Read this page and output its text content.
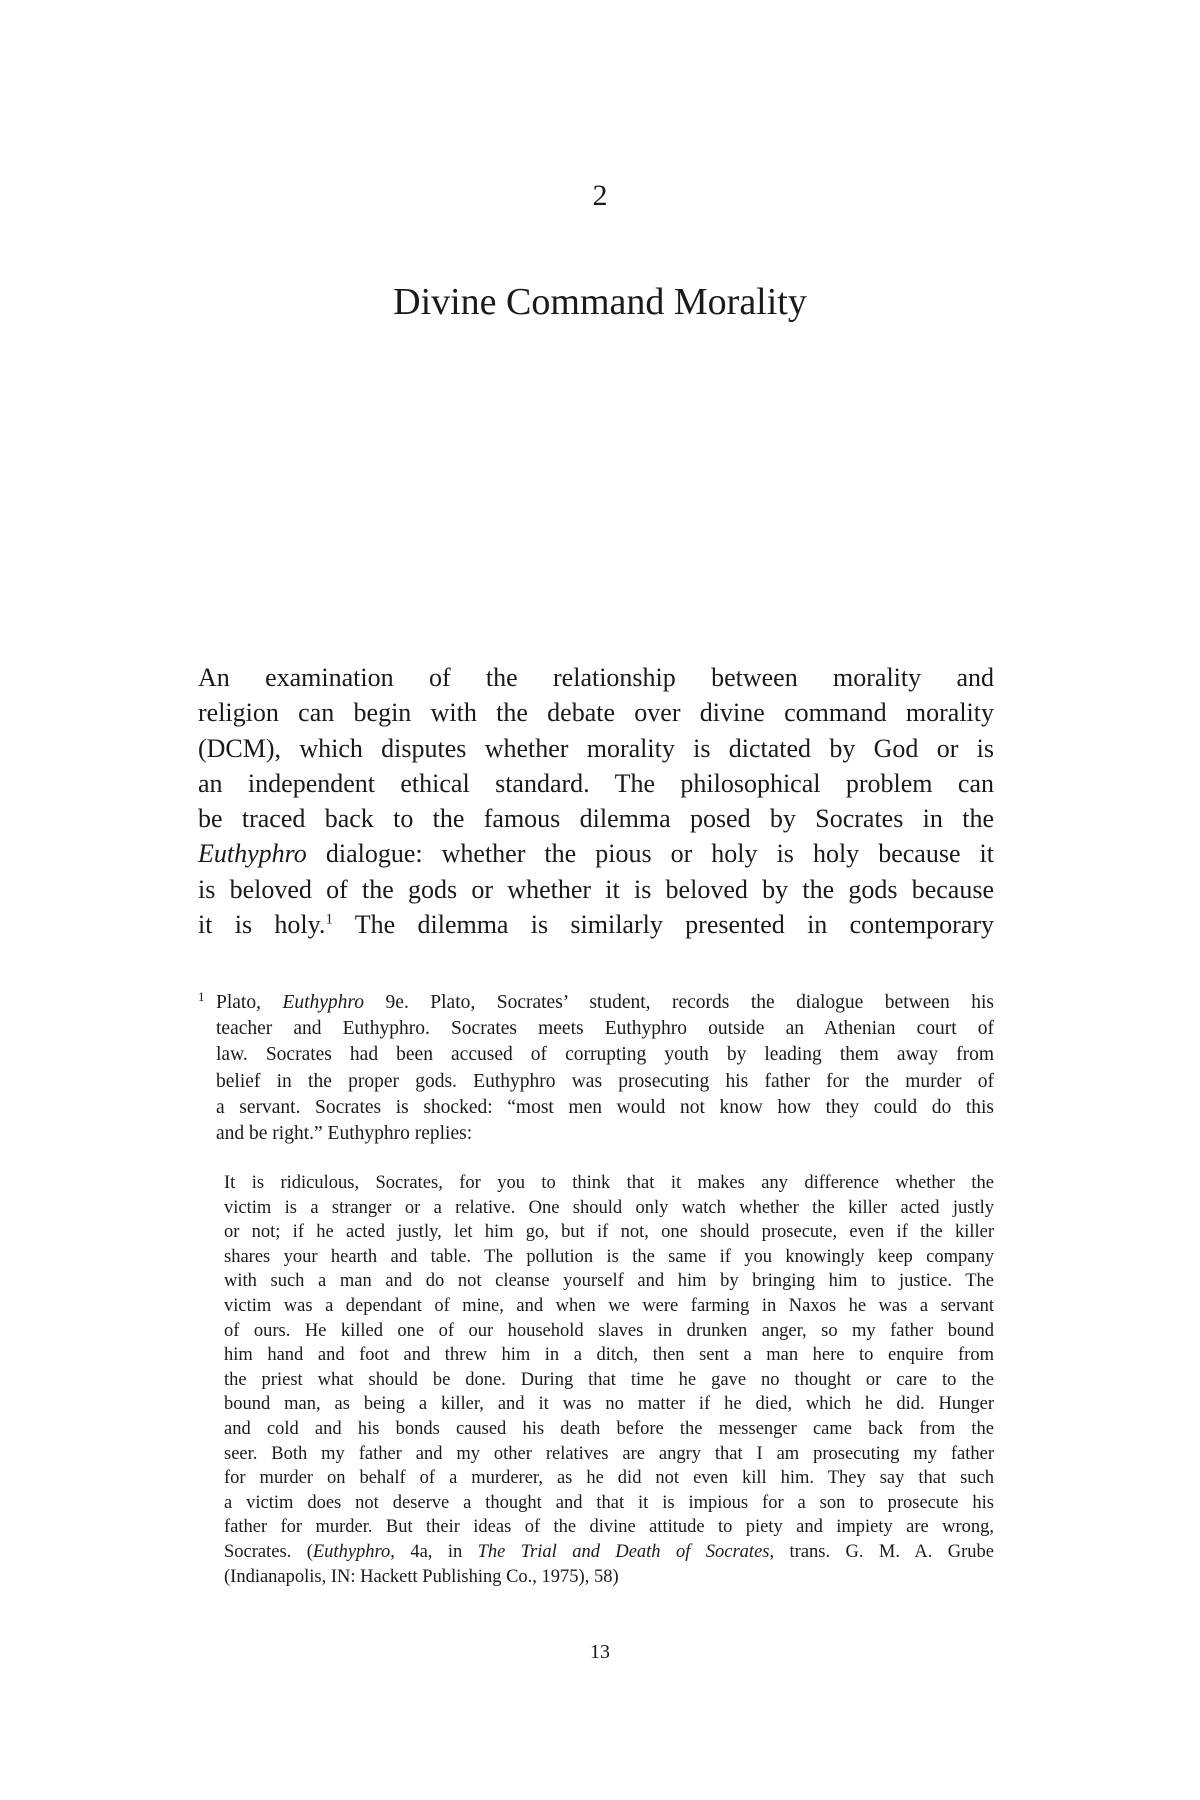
2
Divine Command Morality
An examination of the relationship between morality and
religion can begin with the debate over divine command morality
(DCM), which disputes whether morality is dictated by God or is
an independent ethical standard. The philosophical problem can
be traced back to the famous dilemma posed by Socrates in the
Euthyphro dialogue: whether the pious or holy is holy because it
is beloved of the gods or whether it is beloved by the gods because
it is holy.$^1$ The dilemma is similarly presented in contemporary
1 Plato, Euthyphro 9e. Plato, Socrates’ student, records the dialogue between his
teacher and Euthyphro. Socrates meets Euthyphro outside an Athenian court of
law. Socrates had been accused of corrupting youth by leading them away from
belief in the proper gods. Euthyphro was prosecuting his father for the murder of
a servant. Socrates is shocked: “most men would not know how they could do this
and be right.” Euthyphro replies:
It is ridiculous, Socrates, for you to think that it makes any difference whether the
victim is a stranger or a relative. One should only watch whether the killer acted justly
or not; if he acted justly, let him go, but if not, one should prosecute, even if the killer
shares your hearth and table. The pollution is the same if you knowingly keep company
with such a man and do not cleanse yourself and him by bringing him to justice. The
victim was a dependant of mine, and when we were farming in Naxos he was a servant
of ours. He killed one of our household slaves in drunken anger, so my father bound
him hand and foot and threw him in a ditch, then sent a man here to enquire from
the priest what should be done. During that time he gave no thought or care to the
bound man, as being a killer, and it was no matter if he died, which he did. Hunger
and cold and his bonds caused his death before the messenger came back from the
seer. Both my father and my other relatives are angry that I am prosecuting my father
for murder on behalf of a murderer, as he did not even kill him. They say that such
a victim does not deserve a thought and that it is impious for a son to prosecute his
father for murder. But their ideas of the divine attitude to piety and impiety are wrong,
Socrates. (Euthyphro, 4a, in The Trial and Death of Socrates, trans. G. M. A. Grube
(Indianapolis, IN: Hackett Publishing Co., 1975), 58)
13
